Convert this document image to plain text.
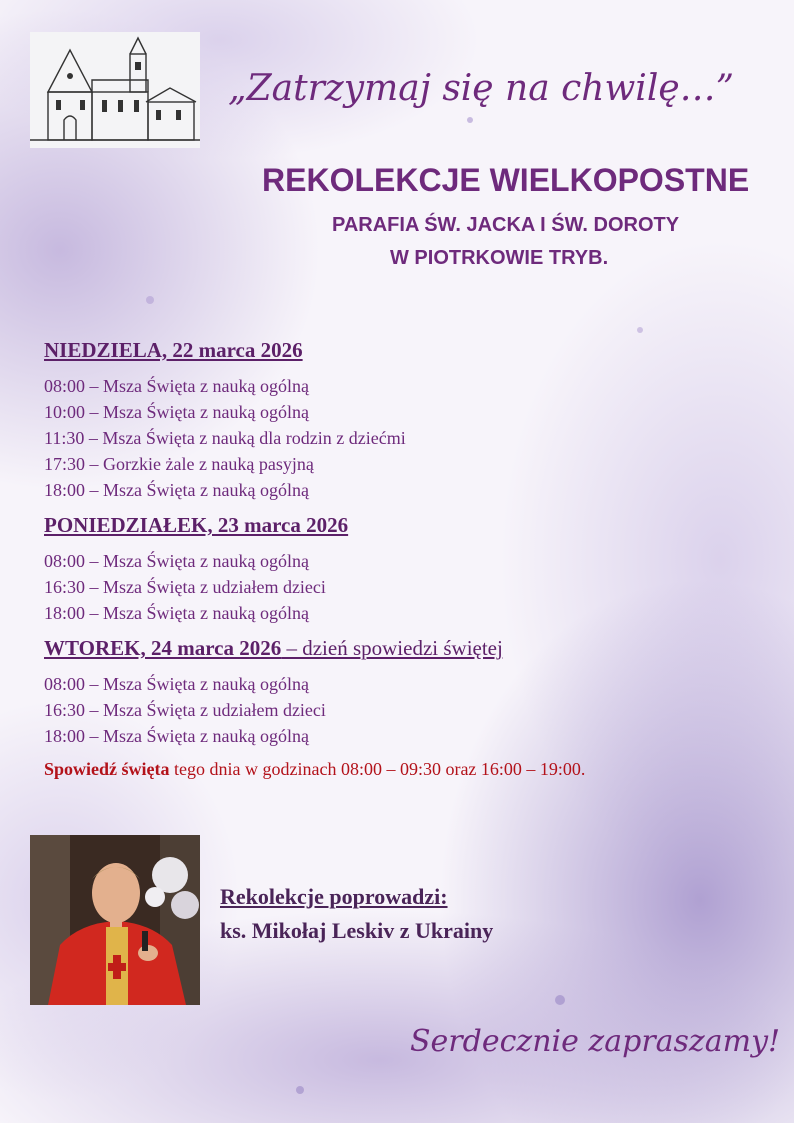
„Zatrzymaj się na chwilę…”
REKOLEKCJE WIELKOPOSTNE
PARAFIA ŚW. JACKA I ŚW. DOROTY
W PIOTRKOWIE TRYB.
NIEDZIELA, 22 marca 2026
08:00 – Msza Święta z nauką ogólną
10:00 – Msza Święta z nauką ogólną
11:30 – Msza Święta z nauką dla rodzin z dziećmi
17:30 – Gorzkie żale z nauką pasyjną
18:00 – Msza Święta z nauką ogólną
PONIEDZIAŁEK, 23 marca 2026
08:00 – Msza Święta z nauką ogólną
16:30 – Msza Święta z udziałem dzieci
18:00 – Msza Święta z nauką ogólną
WTOREK, 24 marca 2026 – dzień spowiedzi świętej
08:00 – Msza Święta z nauką ogólną
16:30 – Msza Święta z udziałem dzieci
18:00 – Msza Święta z nauką ogólną
Spowiedź święta tego dnia w godzinach 08:00 – 09:30 oraz 16:00 – 19:00.
Rekolekcje poprowadzi:
ks. Mikołaj Leskiv z Ukrainy
Serdecznie zapraszamy!
